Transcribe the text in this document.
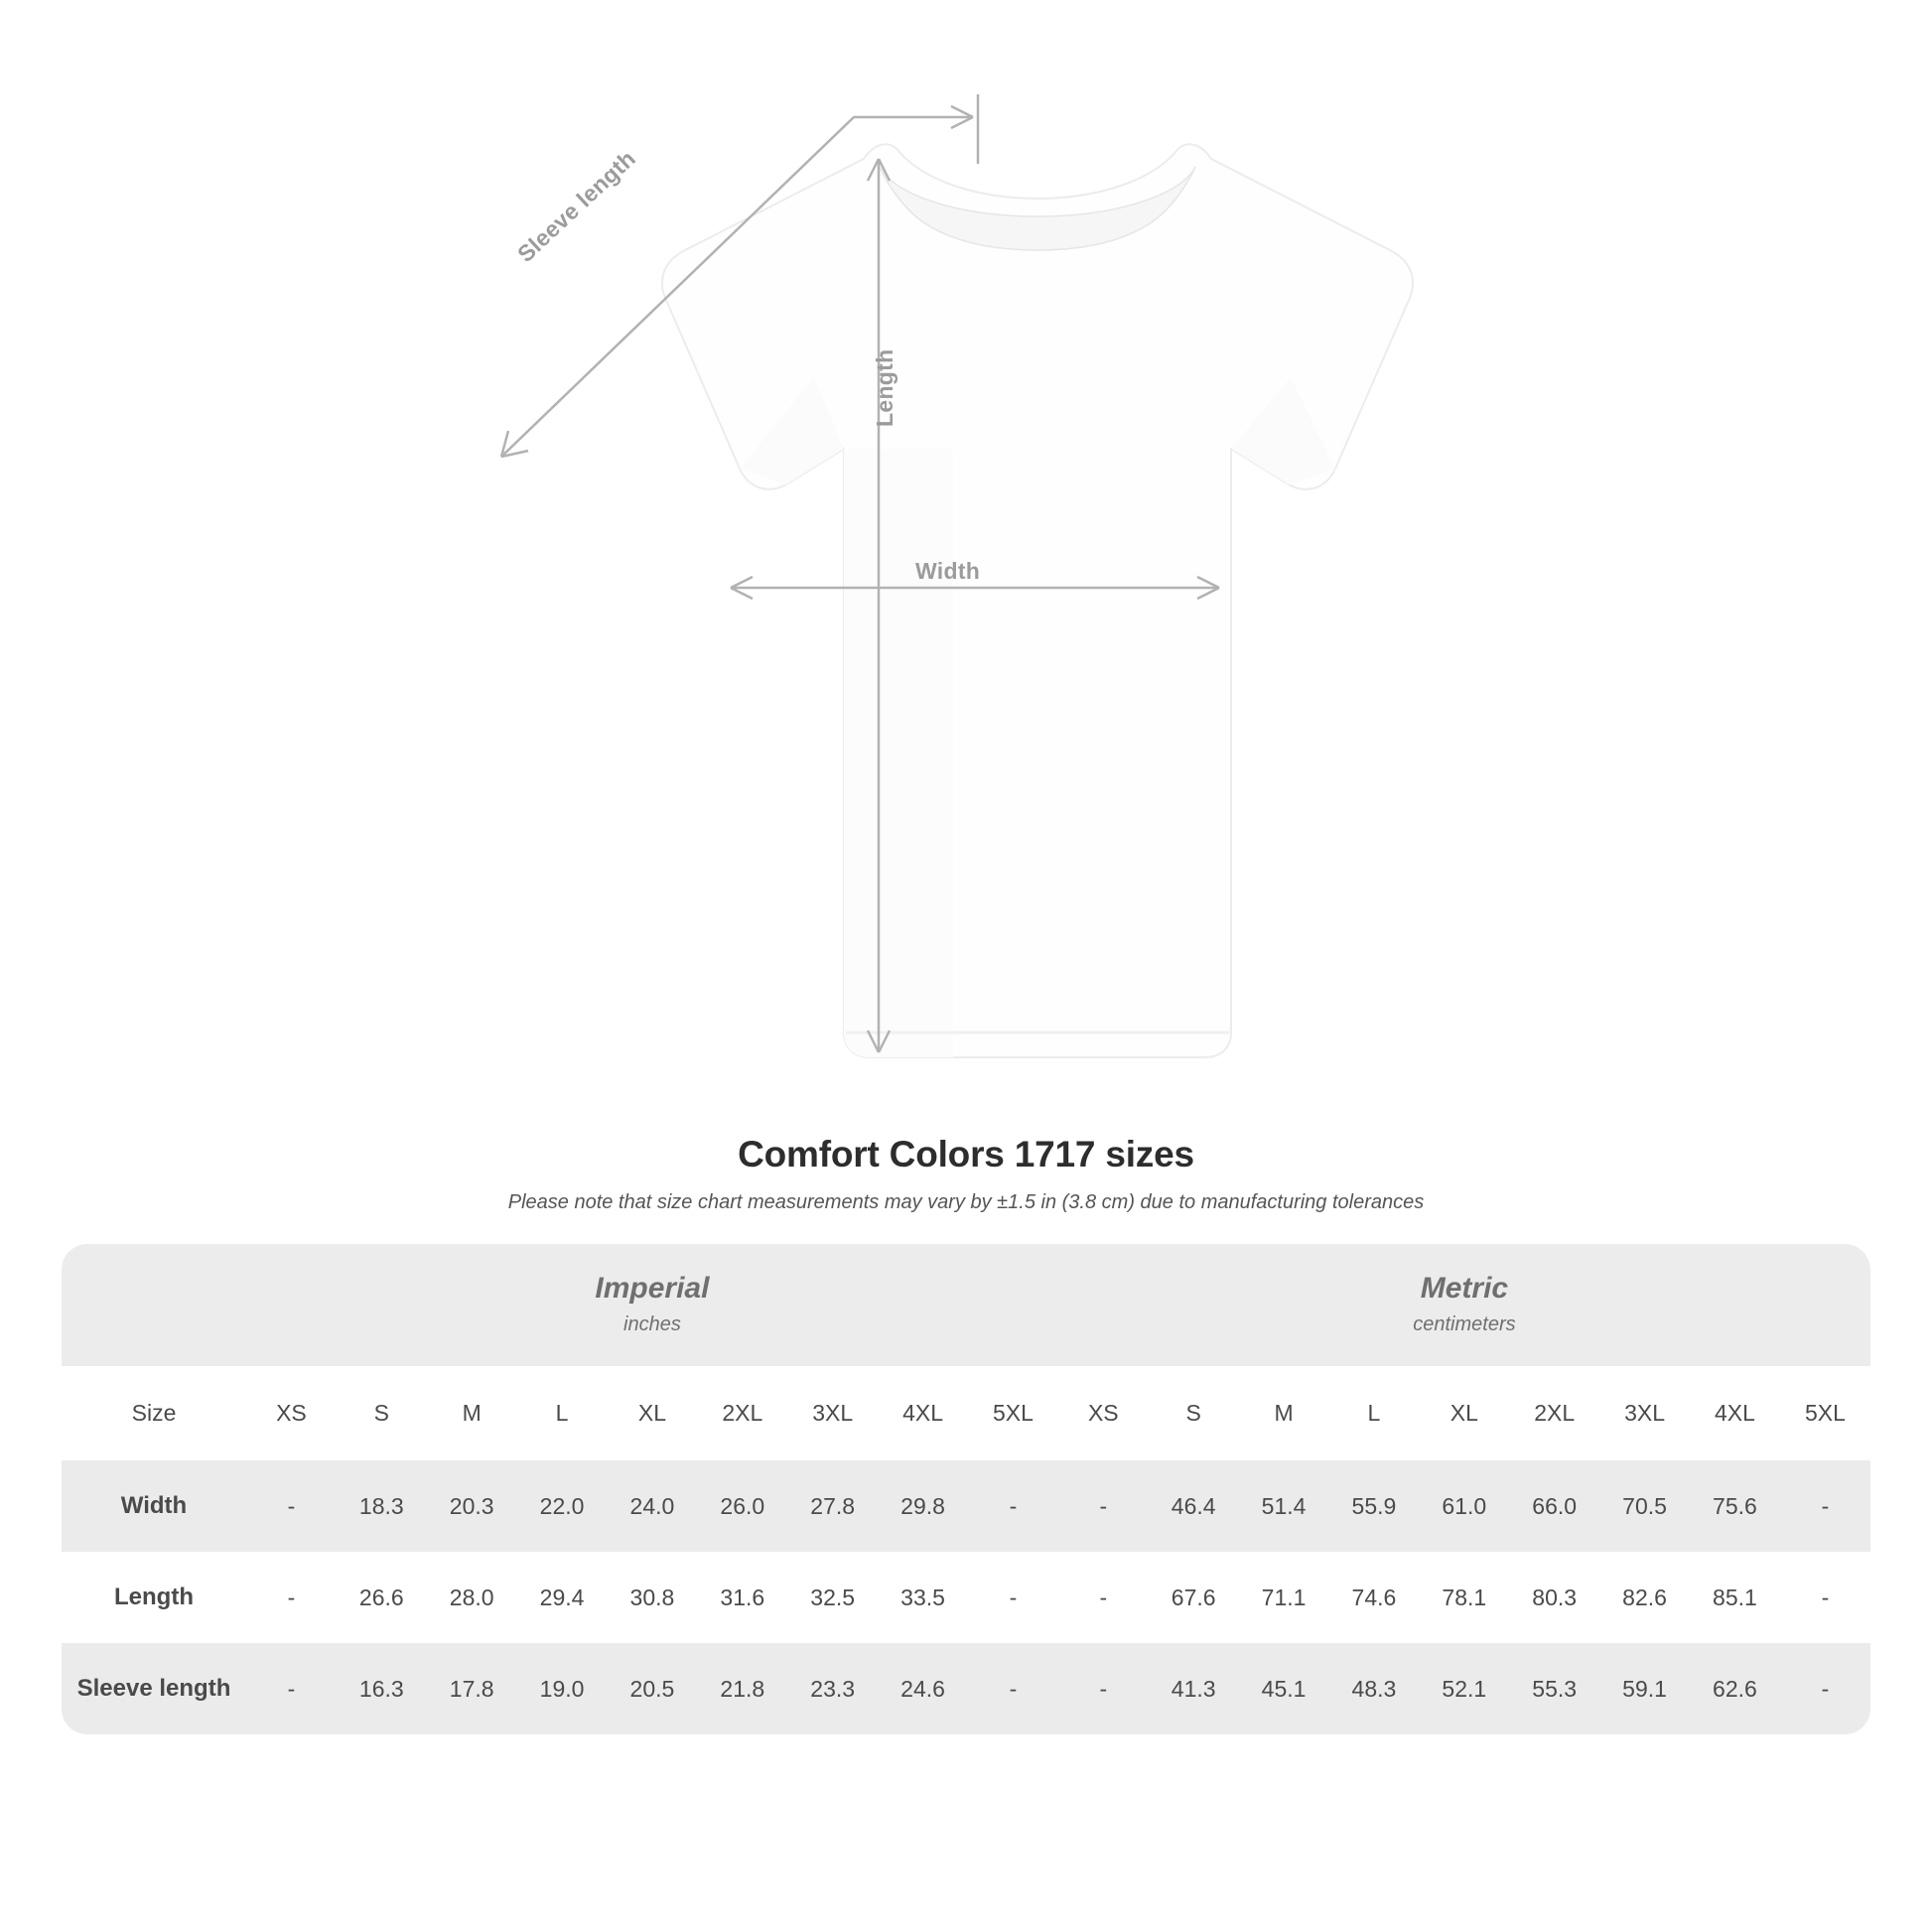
Width
Length
Sleeve length
Comfort Colors 1717 sizes
Please note that size chart measurements may vary by ±1.5 in (3.8 cm) due to manufacturing tolerances

Imperial
inches

Metric
centimeters

Size	XS	S	M	L	XL	2XL	3XL	4XL	5XL	XS	S	M	L	XL	2XL	3XL	4XL	5XL
Width	-	18.3	20.3	22.0	24.0	26.0	27.8	29.8	-	-	46.4	51.4	55.9	61.0	66.0	70.5	75.6	-
Length	-	26.6	28.0	29.4	30.8	31.6	32.5	33.5	-	-	67.6	71.1	74.6	78.1	80.3	82.6	85.1	-
Sleeve length	-	16.3	17.8	19.0	20.5	21.8	23.3	24.6	-	-	41.3	45.1	48.3	52.1	55.3	59.1	62.6	-
